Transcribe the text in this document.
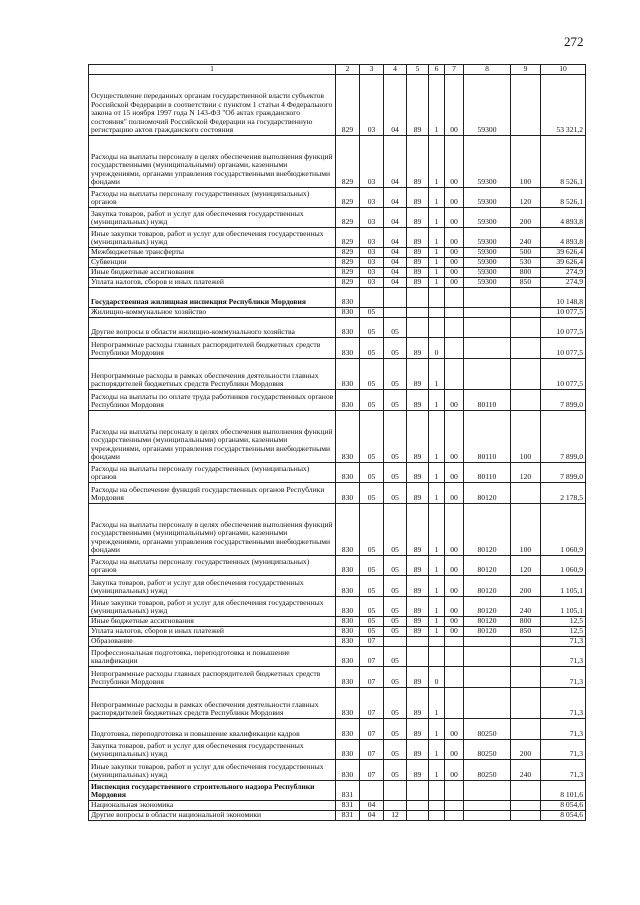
272
1	2	3	4	5	6	7	8	9	10
Осуществление переданных органам государственной власти субъектов Российской Федерации в соответствии с пунктом 1 статьи 4 Федерального закона от 15 ноября 1997 года N 143-ФЗ "Об актах гражданского состояния" полномочий Российской Федерации на государственную регистрацию актов гражданского состояния	829	03	04	89	1	00	59300		53 321,2
Расходы на выплаты персоналу в целях обеспечения выполнения функций государственными (муниципальными) органами, казенными учреждениями, органами управления государственными внебюджетными фондами	829	03	04	89	1	00	59300	100	8 526,1
Расходы на выплаты персоналу государственных (муниципальных) органов	829	03	04	89	1	00	59300	120	8 526,1
Закупка товаров, работ и услуг для обеспечения государственных (муниципальных) нужд	829	03	04	89	1	00	59300	200	4 893,8
Иные закупки товаров, работ и услуг для обеспечения государственных (муниципальных) нужд	829	03	04	89	1	00	59300	240	4 893,8
Межбюджетные трансферты	829	03	04	89	1	00	59300	500	39 626,4
Субвенции	829	03	04	89	1	00	59300	530	39 626,4
Иные бюджетные ассигнования	829	03	04	89	1	00	59300	800	274,9
Уплата налогов, сборов и иных платежей	829	03	04	89	1	00	59300	850	274,9
Государственная жилищная инспекция Республики Мордовия	830								10 148,8
Жилищно-коммунальное хозяйство	830	05							10 077,5
Другие вопросы в области жилищно-коммунального хозяйства	830	05	05						10 077,5
Непрограммные расходы главных распорядителей бюджетных средств Республики Мордовия	830	05	05	89	0				10 077,5
Непрограммные расходы в рамках обеспечения деятельности главных распорядителей бюджетных средств Республики Мордовия	830	05	05	89	1				10 077,5
Расходы на выплаты по оплате труда работников государственных органов Республики Мордовия	830	05	05	89	1	00	80110		7 899,0
Расходы на выплаты персоналу в целях обеспечения выполнения функций государственными (муниципальными) органами, казенными учреждениями, органами управления государственными внебюджетными фондами	830	05	05	89	1	00	80110	100	7 899,0
Расходы на выплаты персоналу государственных (муниципальных) органов	830	05	05	89	1	00	80110	120	7 899,0
Расходы на обеспечение функций государственных органов Республики Мордовия	830	05	05	89	1	00	80120		2 178,5
Расходы на выплаты персоналу в целях обеспечения выполнения функций государственными (муниципальными) органами, казенными учреждениями, органами управления государственными внебюджетными фондами	830	05	05	89	1	00	80120	100	1 060,9
Расходы на выплаты персоналу государственных (муниципальных) органов	830	05	05	89	1	00	80120	120	1 060,9
Закупка товаров, работ и услуг для обеспечения государственных (муниципальных) нужд	830	05	05	89	1	00	80120	200	1 105,1
Иные закупки товаров, работ и услуг для обеспечения государственных (муниципальных) нужд	830	05	05	89	1	00	80120	240	1 105,1
Иные бюджетные ассигнования	830	05	05	89	1	00	80120	800	12,5
Уплата налогов, сборов и иных платежей	830	05	05	89	1	00	80120	850	12,5
Образование	830	07							71,3
Профессиональная подготовка, переподготовка и повышение квалификации	830	07	05						71,3
Непрограммные расходы главных распорядителей бюджетных средств Республики Мордовия	830	07	05	89	0				71,3
Непрограммные расходы в рамках обеспечения деятельности главных распорядителей бюджетных средств Республики Мордовия	830	07	05	89	1				71,3
Подготовка, переподготовка и повышение квалификации кадров	830	07	05	89	1	00	80250		71,3
Закупка товаров, работ и услуг для обеспечения государственных (муниципальных) нужд	830	07	05	89	1	00	80250	200	71,3
Иные закупки товаров, работ и услуг для обеспечения государственных (муниципальных) нужд	830	07	05	89	1	00	80250	240	71,3
Инспекция государственного строительного надзора Республики Мордовия	831								8 101,6
Национальная экономика	831	04							8 054,6
Другие вопросы в области национальной экономики	831	04	12						8 054,6
